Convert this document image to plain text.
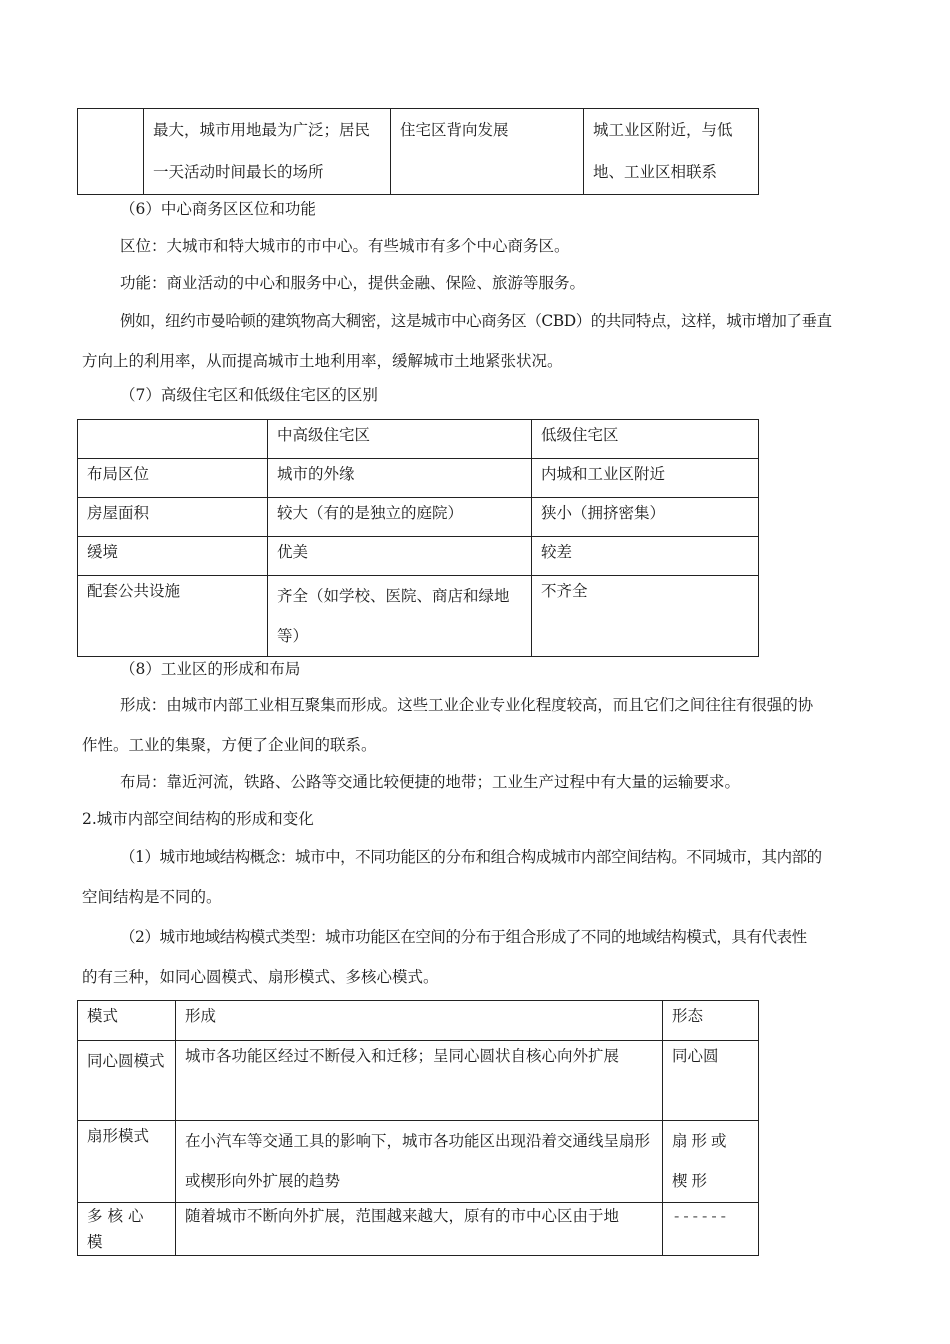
最大，城市用地最为广泛；居民
一天活动时间最长的场所
	住宅区背向发展	城工业区附近，与低
地、工业区相联系
（6）中心商务区区位和功能
区位：大城市和特大城市的市中心。有些城市有多个中心商务区。
功能：商业活动的中心和服务中心，提供金融、保险、旅游等服务。
例如，纽约市曼哈顿的建筑物高大稠密，这是城市中心商务区（CBD）的共同特点，这样，城市增加了垂直
方向上的利用率，从而提高城市土地利用率，缓解城市土地紧张状况。
（7）高级住宅区和低级住宅区的区别
	中高级住宅区	低级住宅区
布局区位	城市的外缘	内城和工业区附近
房屋面积	较大（有的是独立的庭院）	狭小（拥挤密集）
缓境	优美	较差
配套公共设施	齐全（如学校、医院、商店和绿地等）	不齐全
（8）工业区的形成和布局
形成：由城市内部工业相互聚集而形成。这些工业企业专业化程度较高，而且它们之间往往有很强的协
作性。工业的集聚，方便了企业间的联系。
布局：靠近河流，铁路、公路等交通比较便捷的地带；工业生产过程中有大量的运输要求。
2.城市内部空间结构的形成和变化
（1）城市地域结构概念：城市中，不同功能区的分布和组合构成城市内部空间结构。不同城市，其内部的
空间结构是不同的。
（2）城市地域结构模式类型：城市功能区在空间的分布于组合形成了不同的地域结构模式，具有代表性
的有三种，如同心圆模式、扇形模式、多核心模式。
模式	形成	形态
同心圆模式	城市各功能区经过不断侵入和迁移；呈同心圆状自核心向外扩展	同心圆
扇形模式	在小汽车等交通工具的影响下，城市各功能区出现沿着交通线呈扇形或楔形向外扩展的趋势	扇形或楔形
多核心模	随着城市不断向外扩展，范围越来越大，原有的市中心区由于地	------
